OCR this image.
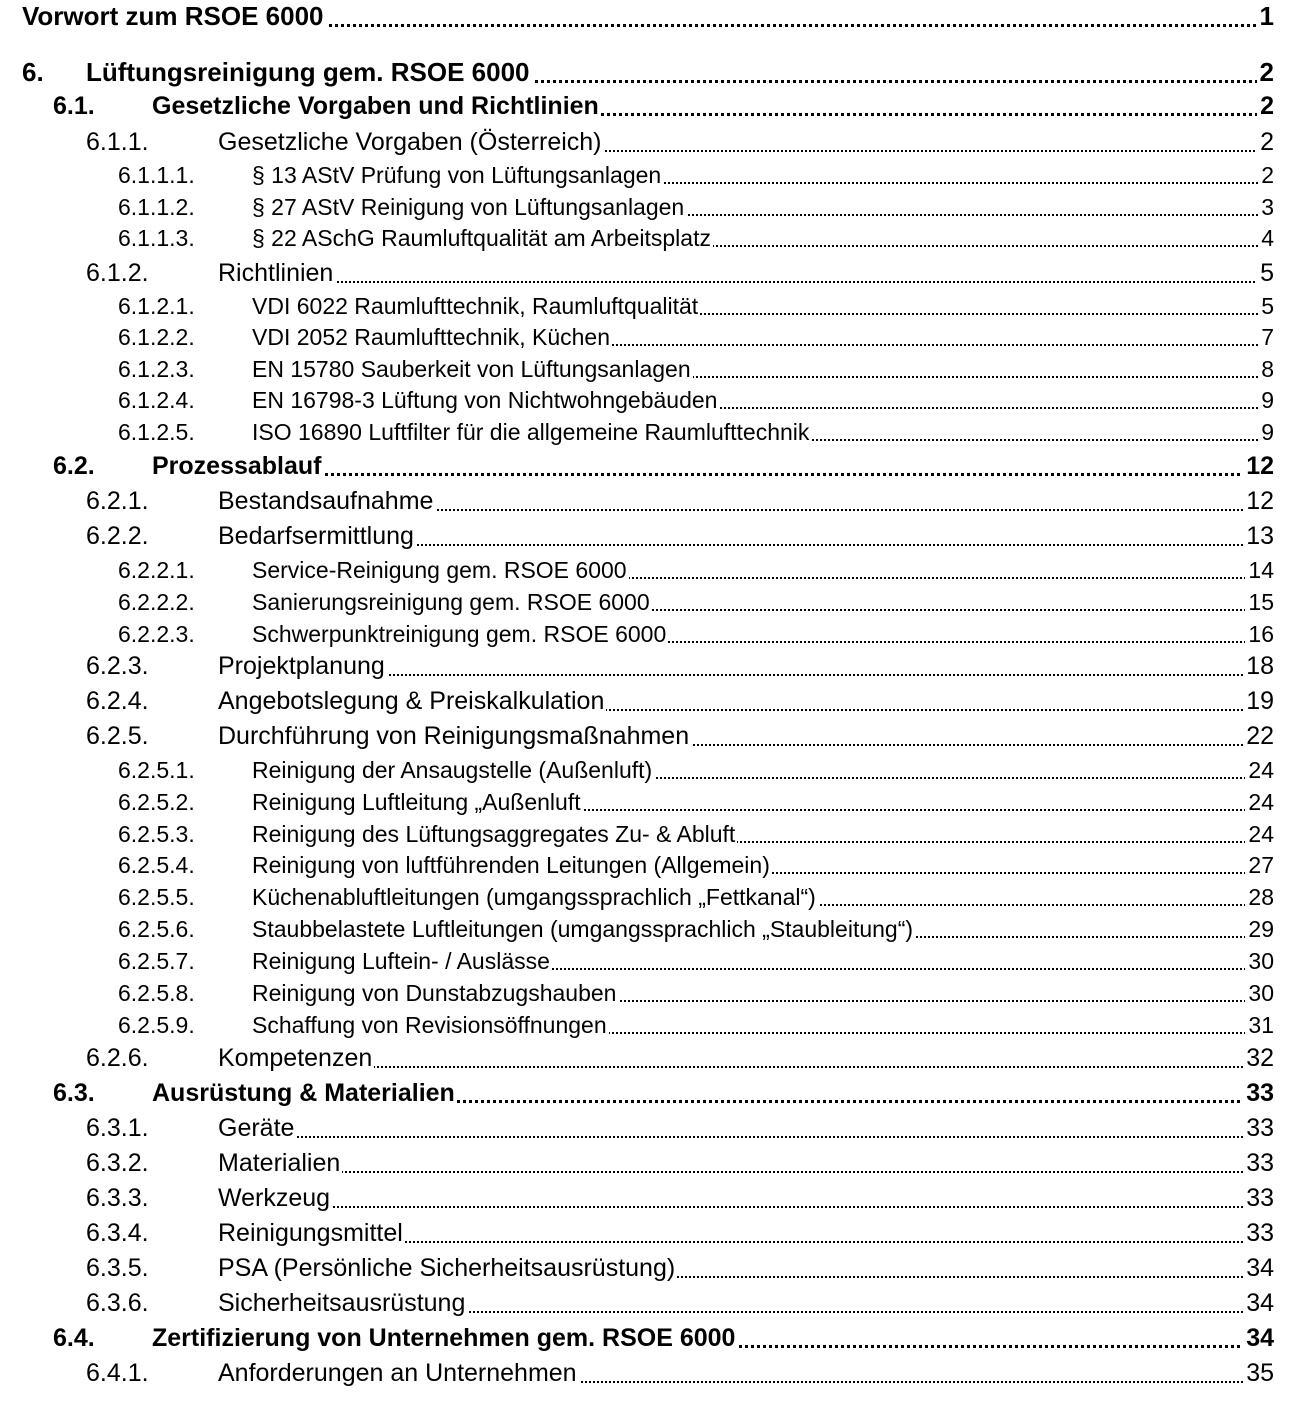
Vorwort zum RSOE 6000	1
6. Lüftungsreinigung gem. RSOE 6000	2
6.1. Gesetzliche Vorgaben und Richtlinien	2
6.1.1.	Gesetzliche Vorgaben (Österreich)	2
6.1.1.1. § 13 AStV Prüfung von Lüftungsanlagen	2
6.1.1.2. § 27 AStV Reinigung von Lüftungsanlagen	3
6.1.1.3. § 22 ASchG Raumluftqualität am Arbeitsplatz	4
6.1.2.	Richtlinien	5
6.1.2.1. VDI 6022 Raumlufttechnik, Raumluftqualität	5
6.1.2.2. VDI 2052 Raumlufttechnik, Küchen	7
6.1.2.3. EN 15780 Sauberkeit von Lüftungsanlagen	8
6.1.2.4. EN 16798-3 Lüftung von Nichtwohngebäuden	9
6.1.2.5. ISO 16890 Luftfilter für die allgemeine Raumlufttechnik	9
6.2. Prozessablauf	12
6.2.1.	Bestandsaufnahme	12
6.2.2.	Bedarfsermittlung	13
6.2.2.1. Service-Reinigung gem. RSOE 6000	14
6.2.2.2. Sanierungsreinigung gem. RSOE 6000	15
6.2.2.3. Schwerpunktreinigung gem. RSOE 6000	16
6.2.3.	Projektplanung	18
6.2.4.	Angebotslegung & Preiskalkulation	19
6.2.5.	Durchführung von Reinigungsmaßnahmen	22
6.2.5.1. Reinigung der Ansaugstelle (Außenluft)	24
6.2.5.2. Reinigung Luftleitung „Außenluft	24
6.2.5.3. Reinigung des Lüftungsaggregates Zu- & Abluft	24
6.2.5.4. Reinigung von luftführenden Leitungen (Allgemein)	27
6.2.5.5. Küchenabluftleitungen (umgangssprachlich „Fettkanal“)	28
6.2.5.6. Staubbelastete Luftleitungen (umgangssprachlich „Staubleitung“)	29
6.2.5.7. Reinigung Luftein- / Auslässe	30
6.2.5.8. Reinigung von Dunstabzugshauben	30
6.2.5.9. Schaffung von Revisionsöffnungen	31
6.2.6.	Kompetenzen	32
6.3. Ausrüstung & Materialien	33
6.3.1.	Geräte	33
6.3.2.	Materialien	33
6.3.3.	Werkzeug	33
6.3.4.	Reinigungsmittel	33
6.3.5.	PSA (Persönliche Sicherheitsausrüstung)	34
6.3.6.	Sicherheitsausrüstung	34
6.4. Zertifizierung von Unternehmen gem. RSOE 6000	34
6.4.1.	Anforderungen an Unternehmen	35
